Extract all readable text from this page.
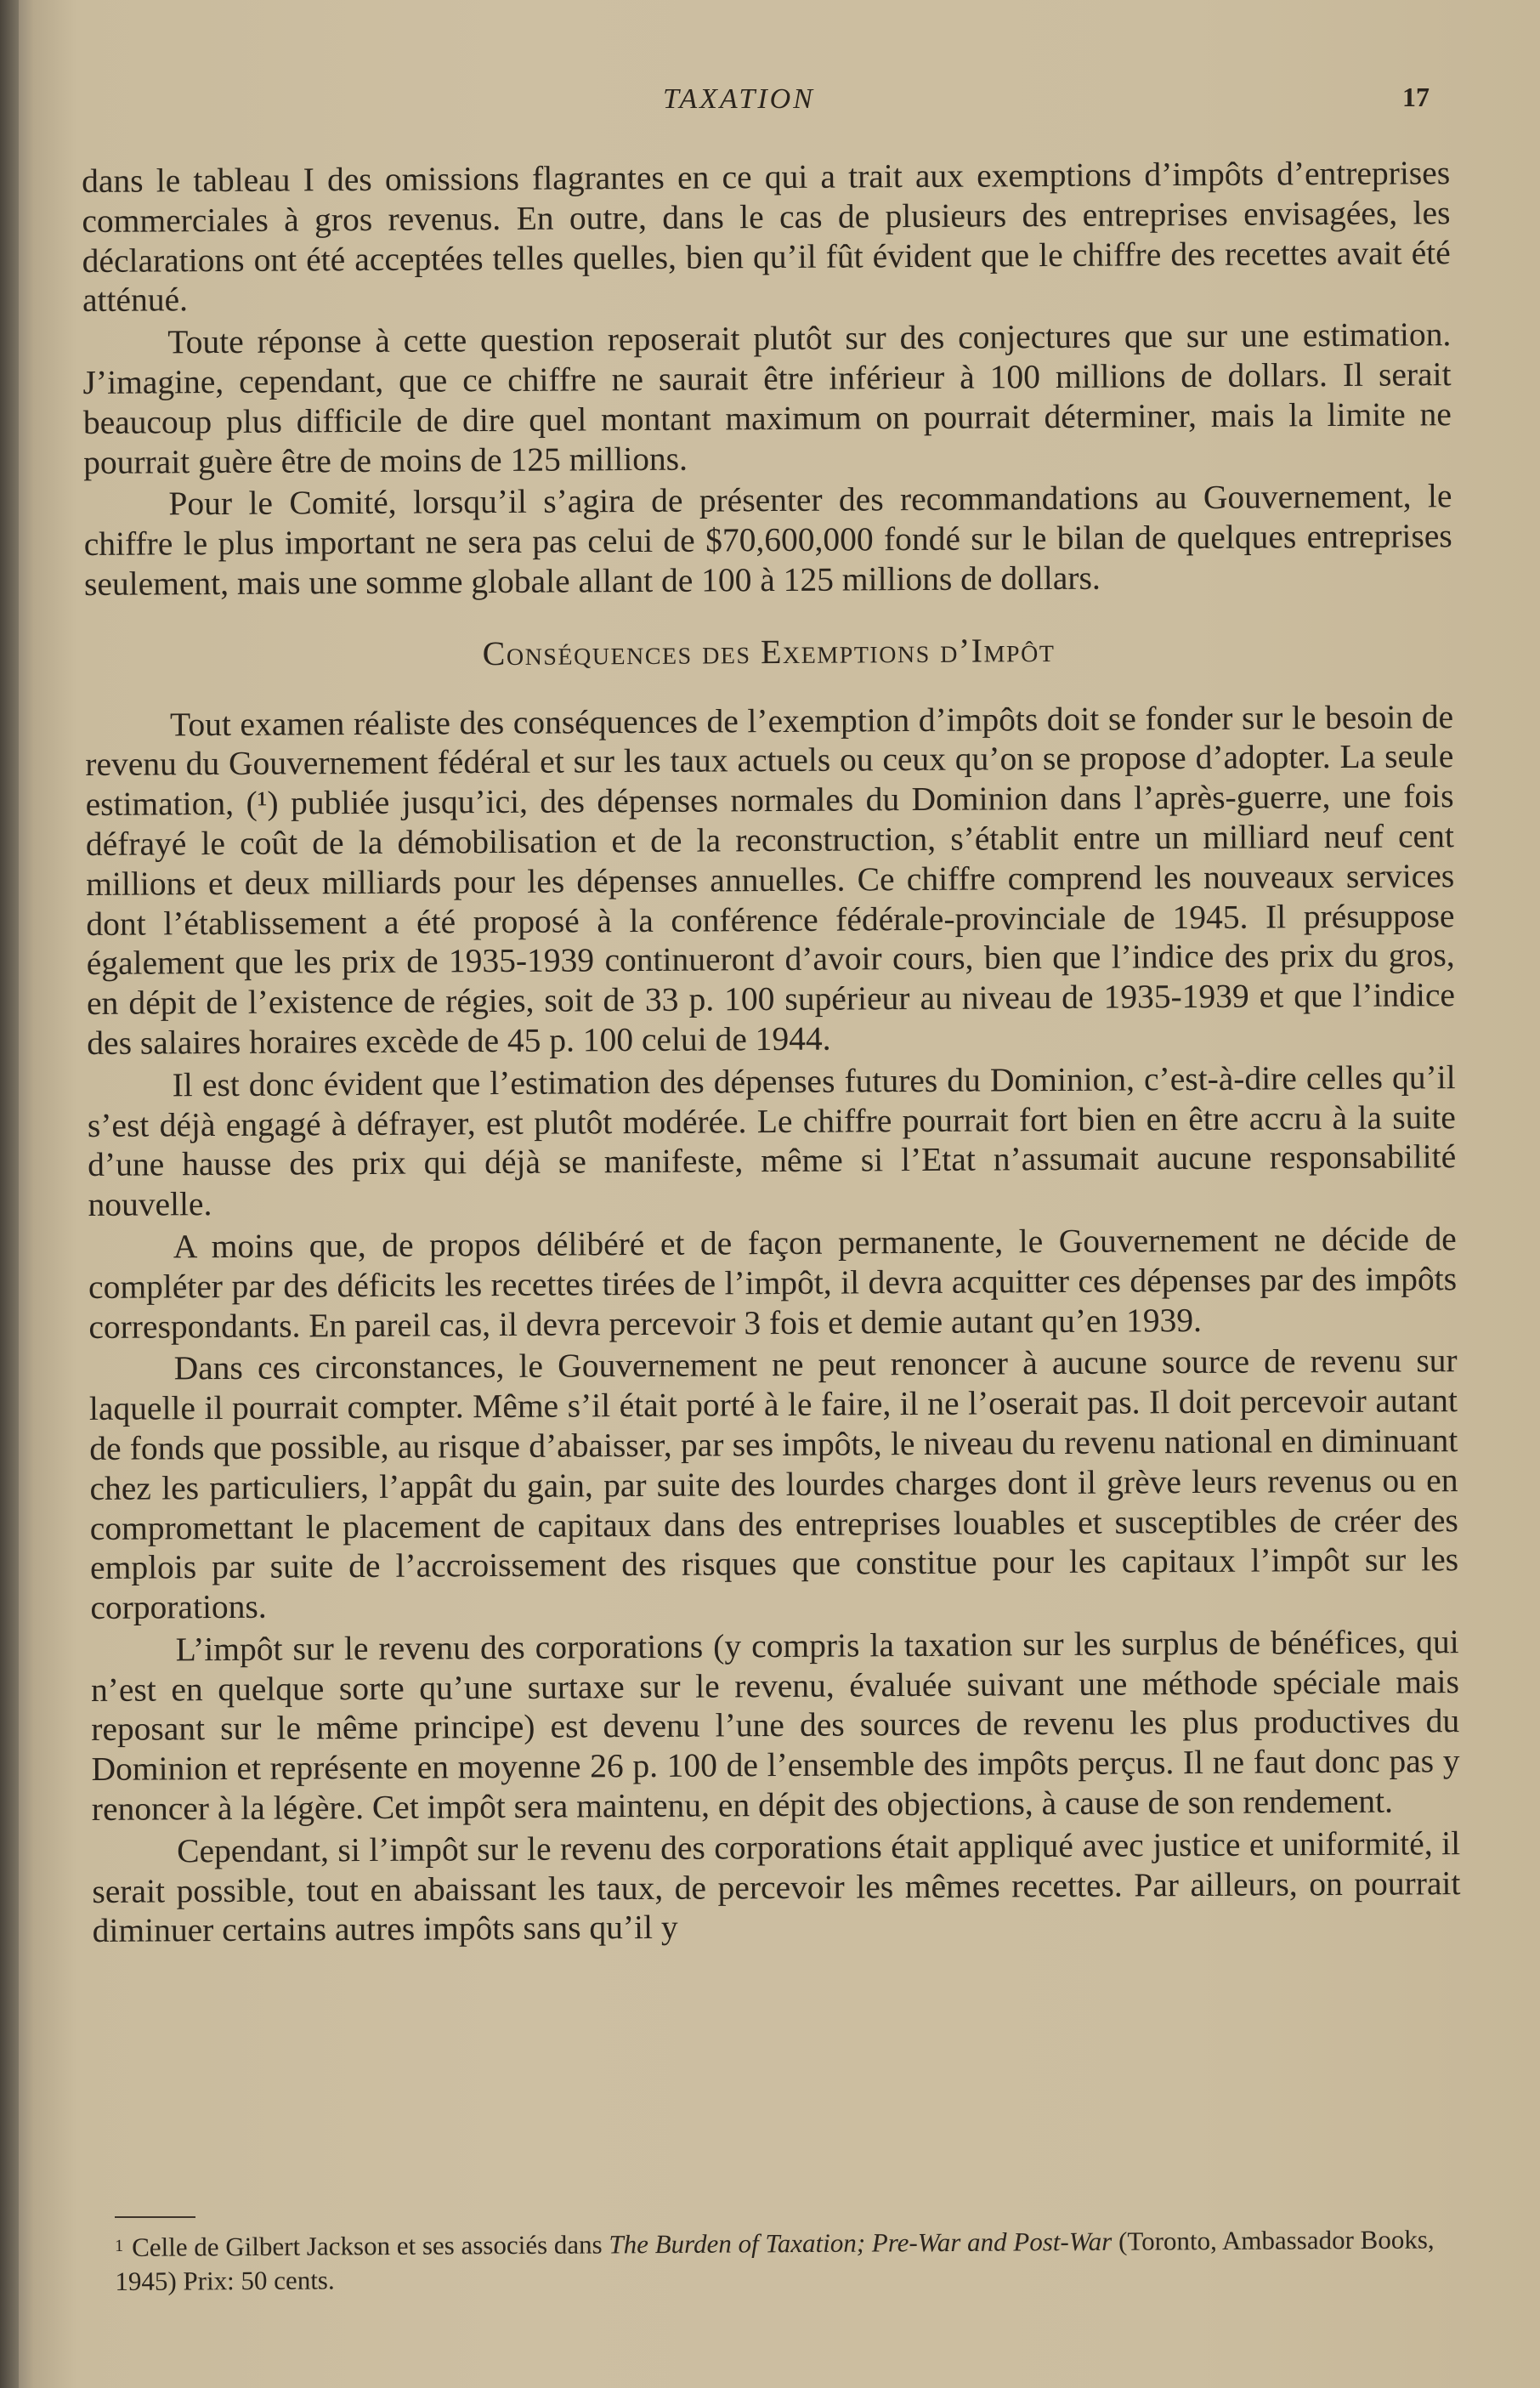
TAXATION	17

dans le tableau I des omissions flagrantes en ce qui a trait aux exemptions d’impôts d’entreprises commerciales à gros revenus. En outre, dans le cas de plusieurs des entreprises envisagées, les déclarations ont été acceptées telles quelles, bien qu’il fût évident que le chiffre des recettes avait été atténué.

Toute réponse à cette question reposerait plutôt sur des conjectures que sur une estimation. J’imagine, cependant, que ce chiffre ne saurait être inférieur à 100 millions de dollars. Il serait beaucoup plus difficile de dire quel montant maximum on pourrait déterminer, mais la limite ne pourrait guère être de moins de 125 millions.

Pour le Comité, lorsqu’il s’agira de présenter des recommandations au Gouvernement, le chiffre le plus important ne sera pas celui de $70,600,000 fondé sur le bilan de quelques entreprises seulement, mais une somme globale allant de 100 à 125 millions de dollars.

Conséquences des Exemptions d’Impôt

Tout examen réaliste des conséquences de l’exemption d’impôts doit se fonder sur le besoin de revenu du Gouvernement fédéral et sur les taux actuels ou ceux qu’on se propose d’adopter. La seule estimation, (¹) publiée jusqu’ici, des dépenses normales du Dominion dans l’après-guerre, une fois défrayé le coût de la démobilisation et de la reconstruction, s’établit entre un milliard neuf cent millions et deux milliards pour les dépenses annuelles. Ce chiffre comprend les nouveaux services dont l’établissement a été proposé à la conférence fédérale-provinciale de 1945. Il présuppose également que les prix de 1935-1939 continueront d’avoir cours, bien que l’indice des prix du gros, en dépit de l’existence de régies, soit de 33 p. 100 supérieur au niveau de 1935-1939 et que l’indice des salaires horaires excède de 45 p. 100 celui de 1944.

Il est donc évident que l’estimation des dépenses futures du Dominion, c’est-à-dire celles qu’il s’est déjà engagé à défrayer, est plutôt modérée. Le chiffre pourrait fort bien en être accru à la suite d’une hausse des prix qui déjà se manifeste, même si l’Etat n’assumait aucune responsabilité nouvelle.

A moins que, de propos délibéré et de façon permanente, le Gouvernement ne décide de compléter par des déficits les recettes tirées de l’impôt, il devra acquitter ces dépenses par des impôts correspondants. En pareil cas, il devra percevoir 3 fois et demie autant qu’en 1939.

Dans ces circonstances, le Gouvernement ne peut renoncer à aucune source de revenu sur laquelle il pourrait compter. Même s’il était porté à le faire, il ne l’oserait pas. Il doit percevoir autant de fonds que possible, au risque d’abaisser, par ses impôts, le niveau du revenu national en diminuant chez les particuliers, l’appât du gain, par suite des lourdes charges dont il grève leurs revenus ou en compromettant le placement de capitaux dans des entreprises louables et susceptibles de créer des emplois par suite de l’accroissement des risques que constitue pour les capitaux l’impôt sur les corporations.

L’impôt sur le revenu des corporations (y compris la taxation sur les surplus de bénéfices, qui n’est en quelque sorte qu’une surtaxe sur le revenu, évaluée suivant une méthode spéciale mais reposant sur le même principe) est devenu l’une des sources de revenu les plus productives du Dominion et représente en moyenne 26 p. 100 de l’ensemble des impôts perçus. Il ne faut donc pas y renoncer à la légère. Cet impôt sera maintenu, en dépit des objections, à cause de son rendement.

Cependant, si l’impôt sur le revenu des corporations était appliqué avec justice et uniformité, il serait possible, tout en abaissant les taux, de percevoir les mêmes recettes. Par ailleurs, on pourrait diminuer certains autres impôts sans qu’il y

1 Celle de Gilbert Jackson et ses associés dans The Burden of Taxation; Pre-War and Post-War (Toronto, Ambassador Books, 1945) Prix: 50 cents.
